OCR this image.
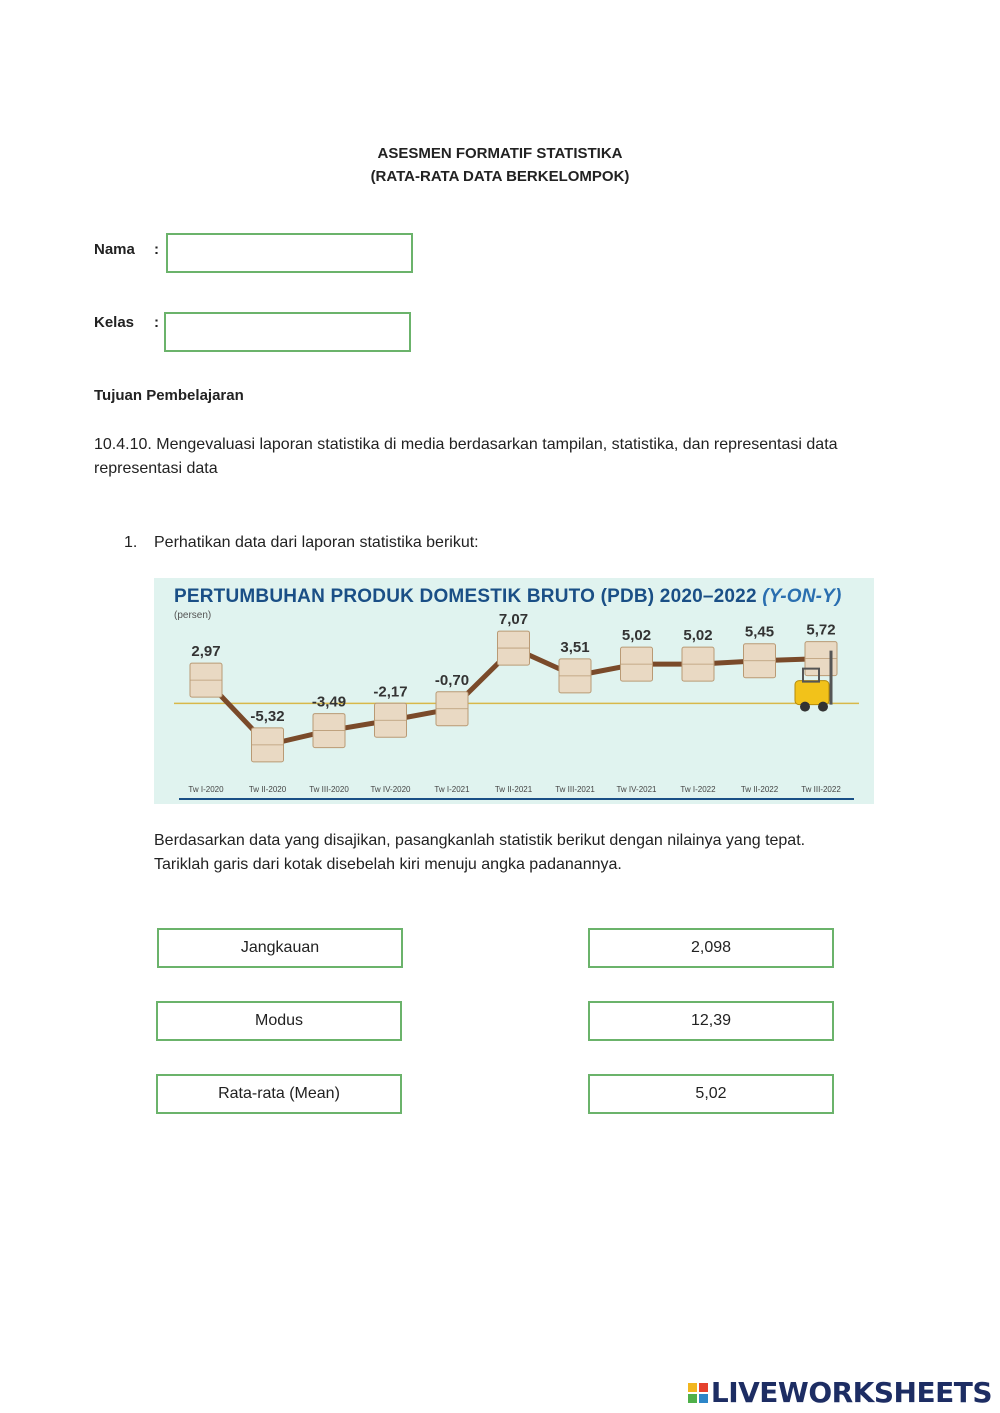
ASESMEN FORMATIF STATISTIKA
(RATA-RATA DATA BERKELOMPOK)
Nama :
Kelas :
Tujuan Pembelajaran
10.4.10. Mengevaluasi laporan statistika di media berdasarkan tampilan, statistika, dan representasi data
representasi data
1. Perhatikan data dari laporan statistika berikut:
PERTUMBUHAN PRODUK DOMESTIK BRUTO (PDB) 2020–2022 (Y-ON-Y)
(persen)
2,97
Tw I-2020
-5,32
Tw II-2020
-3,49
Tw III-2020
-2,17
Tw IV-2020
-0,70
Tw I-2021
7,07
Tw II-2021
3,51
Tw III-2021
5,02
Tw IV-2021
5,02
Tw I-2022
5,45
Tw II-2022
5,72
Tw III-2022
Berdasarkan data yang disajikan, pasangkanlah statistik berikut dengan nilainya yang tepat.
Tariklah garis dari kotak disebelah kiri menuju angka padanannya.
Jangkauan
Modus
Rata-rata (Mean)
2,098
12,39
5,02
LIVEWORKSHEETS
